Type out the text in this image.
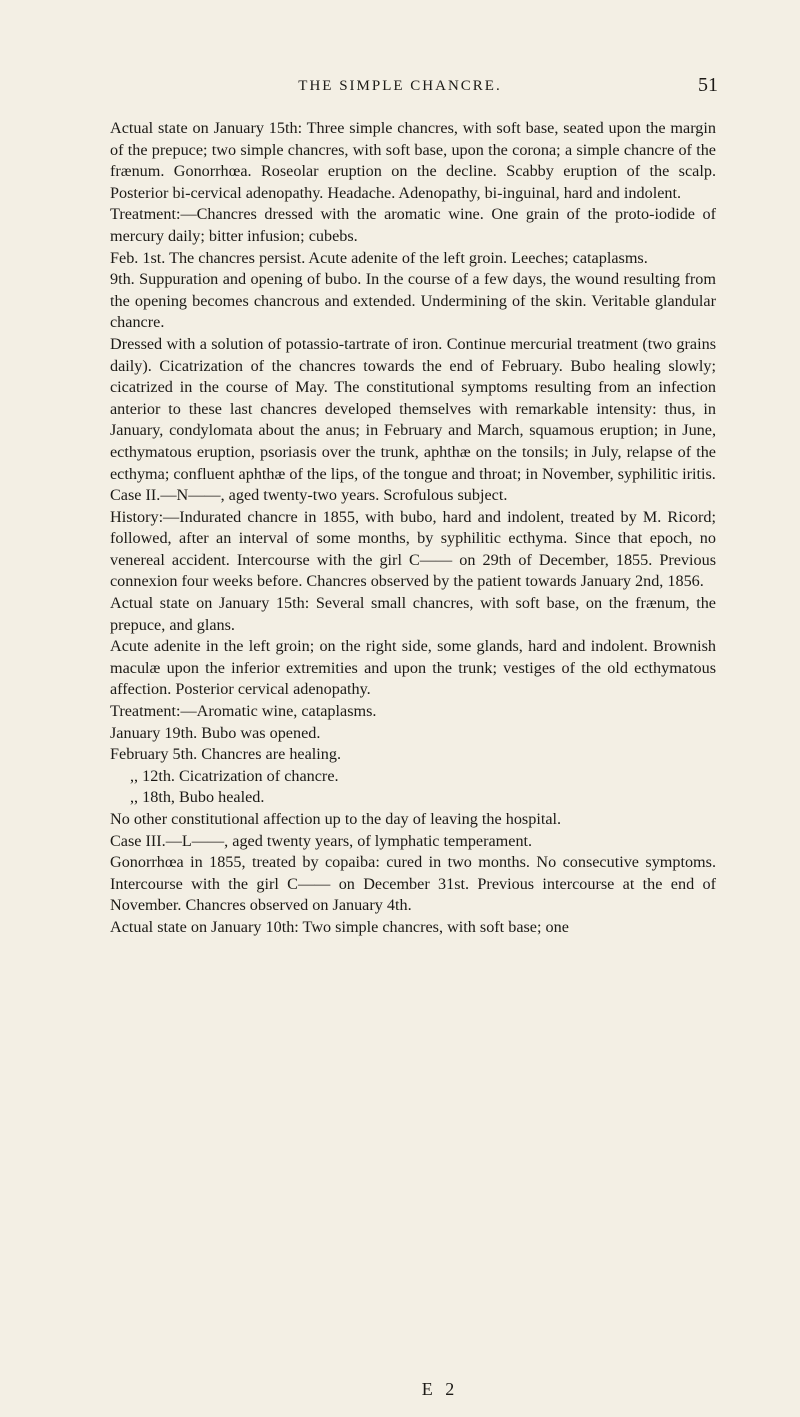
THE SIMPLE CHANCRE.	51

Actual state on January 15th: Three simple chancres, with soft base, seated upon the margin of the prepuce; two simple chancres, with soft base, upon the corona; a simple chancre of the frænum. Gonorrhœa. Roseolar eruption on the decline. Scabby eruption of the scalp. Posterior bi-cervical adenopathy. Headache. Adenopathy, bi-inguinal, hard and indolent.

Treatment:—Chancres dressed with the aromatic wine. One grain of the proto-iodide of mercury daily; bitter infusion; cubebs.

Feb. 1st. The chancres persist. Acute adenite of the left groin. Leeches; cataplasms.

9th. Suppuration and opening of bubo. In the course of a few days, the wound resulting from the opening becomes chancrous and extended. Undermining of the skin. Veritable glandular chancre.

Dressed with a solution of potassio-tartrate of iron. Continue mercurial treatment (two grains daily). Cicatrization of the chancres towards the end of February. Bubo healing slowly; cicatrized in the course of May. The constitutional symptoms resulting from an infection anterior to these last chancres developed themselves with remarkable intensity: thus, in January, condylomata about the anus; in February and March, squamous eruption; in June, ecthymatous eruption, psoriasis over the trunk, aphthæ on the tonsils; in July, relapse of the ecthyma; confluent aphthæ of the lips, of the tongue and throat; in November, syphilitic iritis.

Case II.—N——, aged twenty-two years. Scrofulous subject.

History:—Indurated chancre in 1855, with bubo, hard and indolent, treated by M. Ricord; followed, after an interval of some months, by syphilitic ecthyma. Since that epoch, no venereal accident. Intercourse with the girl C—— on 29th of December, 1855. Previous connexion four weeks before. Chancres observed by the patient towards January 2nd, 1856.

Actual state on January 15th: Several small chancres, with soft base, on the frænum, the prepuce, and glans.

Acute adenite in the left groin; on the right side, some glands, hard and indolent. Brownish maculæ upon the inferior extremities and upon the trunk; vestiges of the old ecthymatous affection. Posterior cervical adenopathy.

Treatment:—Aromatic wine, cataplasms.

January 19th. Bubo was opened.

February 5th. Chancres are healing.

,, 12th. Cicatrization of chancre.

,, 18th, Bubo healed.

No other constitutional affection up to the day of leaving the hospital.

Case III.—L——, aged twenty years, of lymphatic temperament.

Gonorrhœa in 1855, treated by copaiba: cured in two months. No consecutive symptoms. Intercourse with the girl C—— on December 31st. Previous intercourse at the end of November. Chancres observed on January 4th.

Actual state on January 10th: Two simple chancres, with soft base; one

E 2
